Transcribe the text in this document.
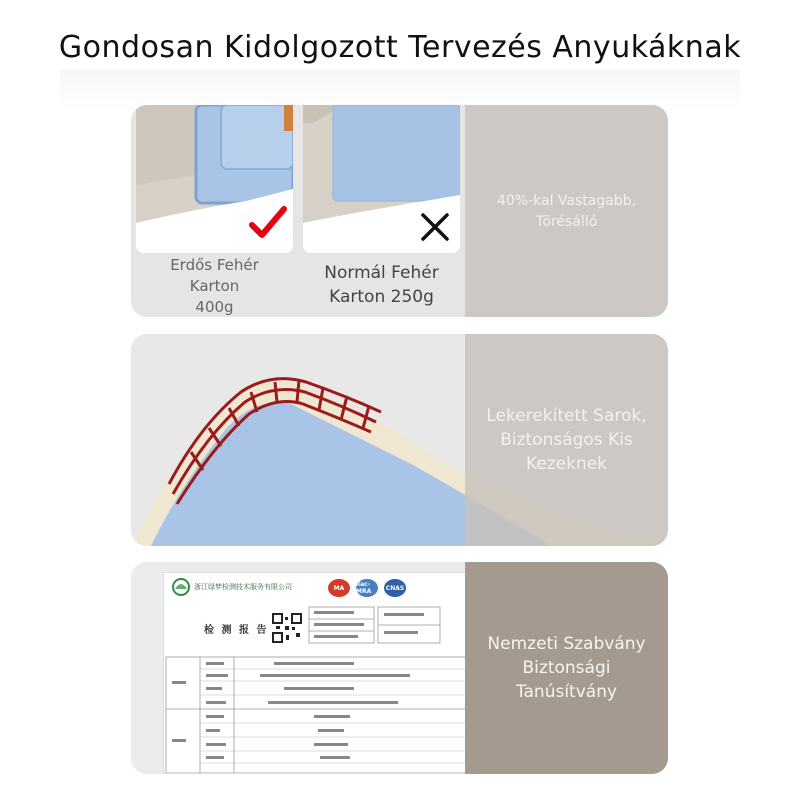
Gondosan Kidolgozott Tervezés Anyukáknak
Erdős Fehér
Karton
400g
Normál Fehér
Karton 250g
40%-kal Vastagabb,
Törésálló
Lekerekített Sarok,
Biztonságos Kis
Kezeknek
浙江绿梦检测技术服务有限公司	MA	ilac-MRA	CNAS
检 测 报 告
Nemzeti Szabvány
Biztonsági
Tanúsítvány
